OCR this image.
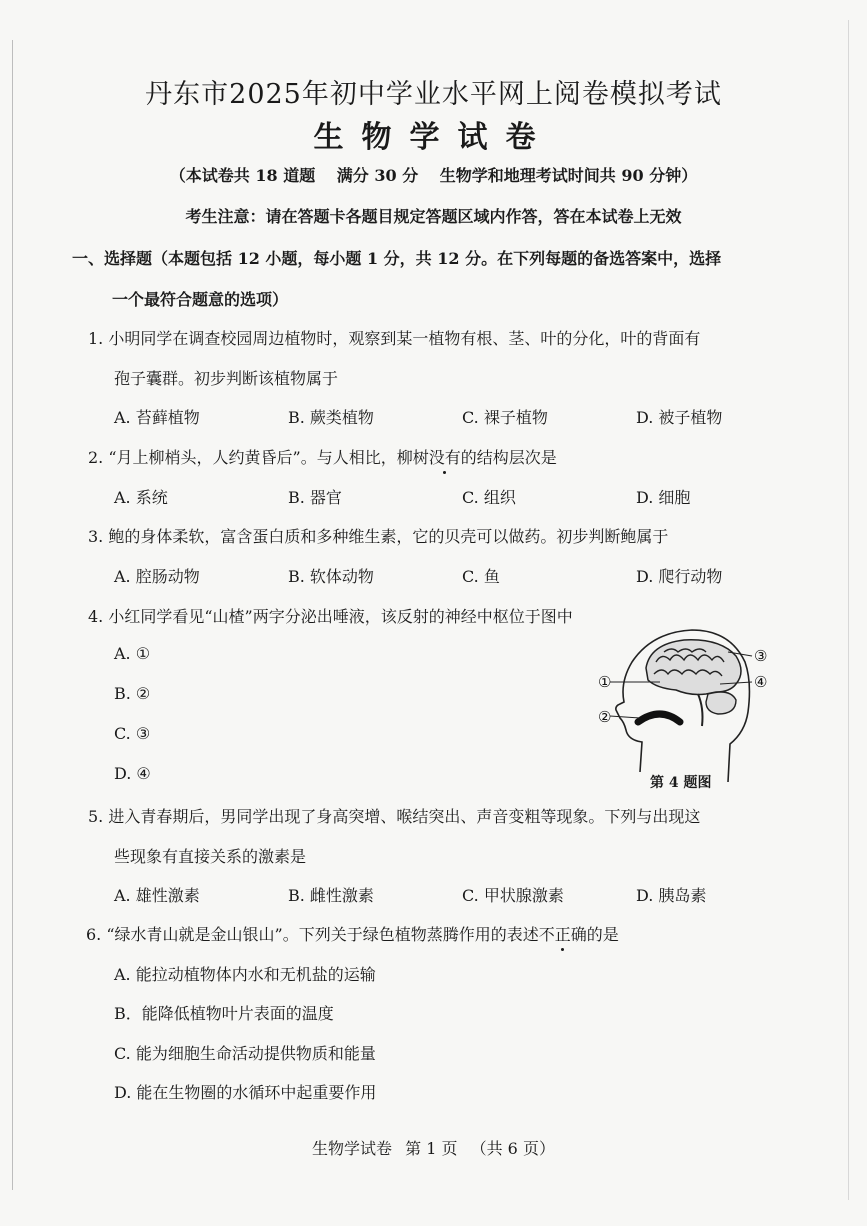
丹东市2025年初中学业水平网上阅卷模拟考试
生物学试卷
（本试卷共 18 道题 满分 30 分 生物学和地理考试时间共 90 分钟）
考生注意：请在答题卡各题目规定答题区域内作答，答在本试卷上无效
一、选择题（本题包括 12 小题，每小题 1 分，共 12 分。在下列每题的备选答案中，选择
一个最符合题意的选项）
1. 小明同学在调查校园周边植物时，观察到某一植物有根、茎、叶的分化，叶的背面有
孢子囊群。初步判断该植物属于
A. 苔藓植物	B. 蕨类植物	C. 裸子植物	D. 被子植物
2. “月上柳梢头，人约黄昏后”。与人相比，柳树没有的结构层次是
A. 系统	B. 器官	C. 组织	D. 细胞
3. 鲍的身体柔软，富含蛋白质和多种维生素，它的贝壳可以做药。初步判断鲍属于
A. 腔肠动物	B. 软体动物	C. 鱼	D. 爬行动物
4. 小红同学看见“山楂”两字分泌出唾液，该反射的神经中枢位于图中
A. ①
B. ②
C. ③
D. ④
①
②
③
④
第 4 题图
5. 进入青春期后，男同学出现了身高突增、喉结突出、声音变粗等现象。下列与出现这
些现象有直接关系的激素是
A. 雄性激素	B. 雌性激素	C. 甲状腺激素	D. 胰岛素
6. “绿水青山就是金山银山”。下列关于绿色植物蒸腾作用的表述不正确的是
A. 能拉动植物体内水和无机盐的运输
B．能降低植物叶片表面的温度
C. 能为细胞生命活动提供物质和能量
D. 能在生物圈的水循环中起重要作用
生物学试卷 第 1 页 （共 6 页）
